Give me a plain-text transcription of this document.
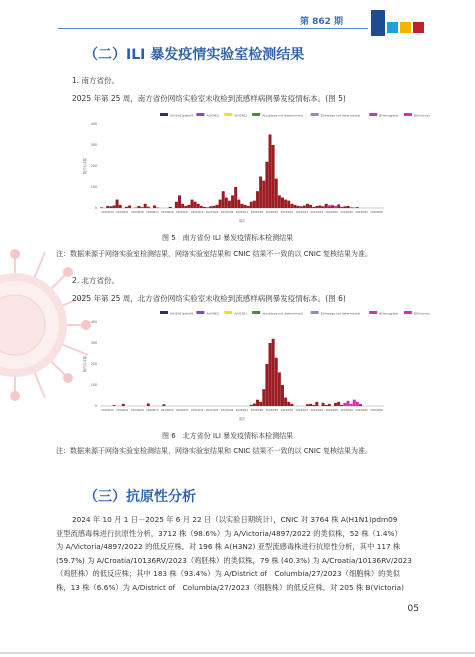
第 862 期
（二）ILI 暴发疫情实验室检测结果
1. 南方省份。
2025 年第 25 周，南方省份网络实验室未收检到流感样病例暴发疫情标本。(图 5)
A(H1N1)pdm09	A(H3N2)	A(H1N1)	A(subtype not determined)	B(lineage not determined)	B(Yamagata)	B(Victoria)
0
100
200
300
400
阳性标本数
2019W14 2019W31 2019W48 2020W13 2020W30 2020W47 2021W12 2021W29 2021W46 2022W11 2022W28 2022W45 2023W10 2023W27 2023W44 2024W09 2024W26 2024W43 2025W08
周次
图 5　南方省份 ILI 暴发疫情标本检测结果
注：数据来源于网络实验室检测结果，网络实验室结果和 CNIC 结果不一致的以 CNIC 复核结果为准。
2. 北方省份。
2025 年第 25 周，北方省份网络实验室未收检到流感样病例暴发疫情标本。(图 6)
A(H1N1)pdm09	A(H3N2)	A(H1N1)	A(subtype not determined)	B(lineage not determined)	B(Yamagata)	B(Victoria)
0
100
200
300
400
阳性标本数
2019W14 2019W31 2019W48 2020W13 2020W30 2020W47 2021W12 2021W29 2021W46 2022W11 2022W28 2022W45 2023W10 2023W27 2023W44 2024W09 2024W26 2024W43 2025W08
周次
图 6　北方省份 ILI 暴发疫情标本检测结果
注：数据来源于网络实验室检测结果，网络实验室结果和 CNIC 结果不一致的以 CNIC 复核结果为准。
（三）抗原性分析
2024 年 10 月 1 日－2025 年 6 月 22 日（以实验日期统计），CNIC 对 3764 株 A(H1N1)pdm09
亚型流感毒株进行抗原性分析，3712 株（98.6%）为 A/Victoria/4897/2022 的类似株，52 株（1.4%）
为 A/Victoria/4897/2022 的低反应株。对 196 株 A(H3N2) 亚型流感毒株进行抗原性分析，其中 117 株
(59.7%) 为 A/Croatia/10136RV/2023（鸡胚株）的类似株，79 株 (40.3%) 为 A/Croatia/10136RV/2023
（鸡胚株）的低反应株；其中 183 株（93.4%）为 A/District of　Columbia/27/2023（细胞株）的类似
株，13 株（6.6%）为 A/District of　Columbia/27/2023（细胞株）的低反应株。对 205 株 B(Victoria)
05
